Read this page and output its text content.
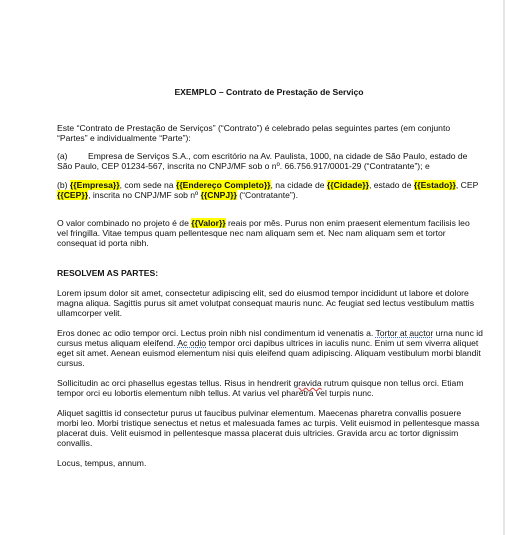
EXEMPLO – Contrato de Prestação de Serviço

Este “Contrato de Prestação de Serviços” (“Contrato”) é celebrado pelas seguintes partes (em conjunto “Partes” e individualmente “Parte”):

(a) Empresa de Serviços S.A., com escritório na Av. Paulista, 1000, na cidade de São Paulo, estado de São Paulo, CEP 01234-567, inscrita no CNPJ/MF sob o nº. 66.756.917/0001-29 (“Contratante”); e

(b) {{Empresa}}, com sede na {{Endereço Completo}}, na cidade de {{Cidade}}, estado de {{Estado}}, CEP {{CEP}}, inscrita no CNPJ/MF sob nº {{CNPJ}} (“Contratante”).

O valor combinado no projeto é de {{Valor}} reais por mês. Purus non enim praesent elementum facilisis leo vel fringilla. Vitae tempus quam pellentesque nec nam aliquam sem et. Nec nam aliquam sem et tortor consequat id porta nibh.

RESOLVEM AS PARTES:

Lorem ipsum dolor sit amet, consectetur adipiscing elit, sed do eiusmod tempor incididunt ut labore et dolore magna aliqua. Sagittis purus sit amet volutpat consequat mauris nunc. Ac feugiat sed lectus vestibulum mattis ullamcorper velit.

Eros donec ac odio tempor orci. Lectus proin nibh nisl condimentum id venenatis a. Tortor at auctor urna nunc id cursus metus aliquam eleifend. Ac odio tempor orci dapibus ultrices in iaculis nunc. Enim ut sem viverra aliquet eget sit amet. Aenean euismod elementum nisi quis eleifend quam adipiscing. Aliquam vestibulum morbi blandit cursus.

Sollicitudin ac orci phasellus egestas tellus. Risus in hendrerit gravida rutrum quisque non tellus orci. Etiam tempor orci eu lobortis elementum nibh tellus. At varius vel pharetra vel turpis nunc.

Aliquet sagittis id consectetur purus ut faucibus pulvinar elementum. Maecenas pharetra convallis posuere morbi leo. Morbi tristique senectus et netus et malesuada fames ac turpis. Velit euismod in pellentesque massa placerat duis. Velit euismod in pellentesque massa placerat duis ultricies. Gravida arcu ac tortor dignissim convallis.

Locus, tempus, annum.
